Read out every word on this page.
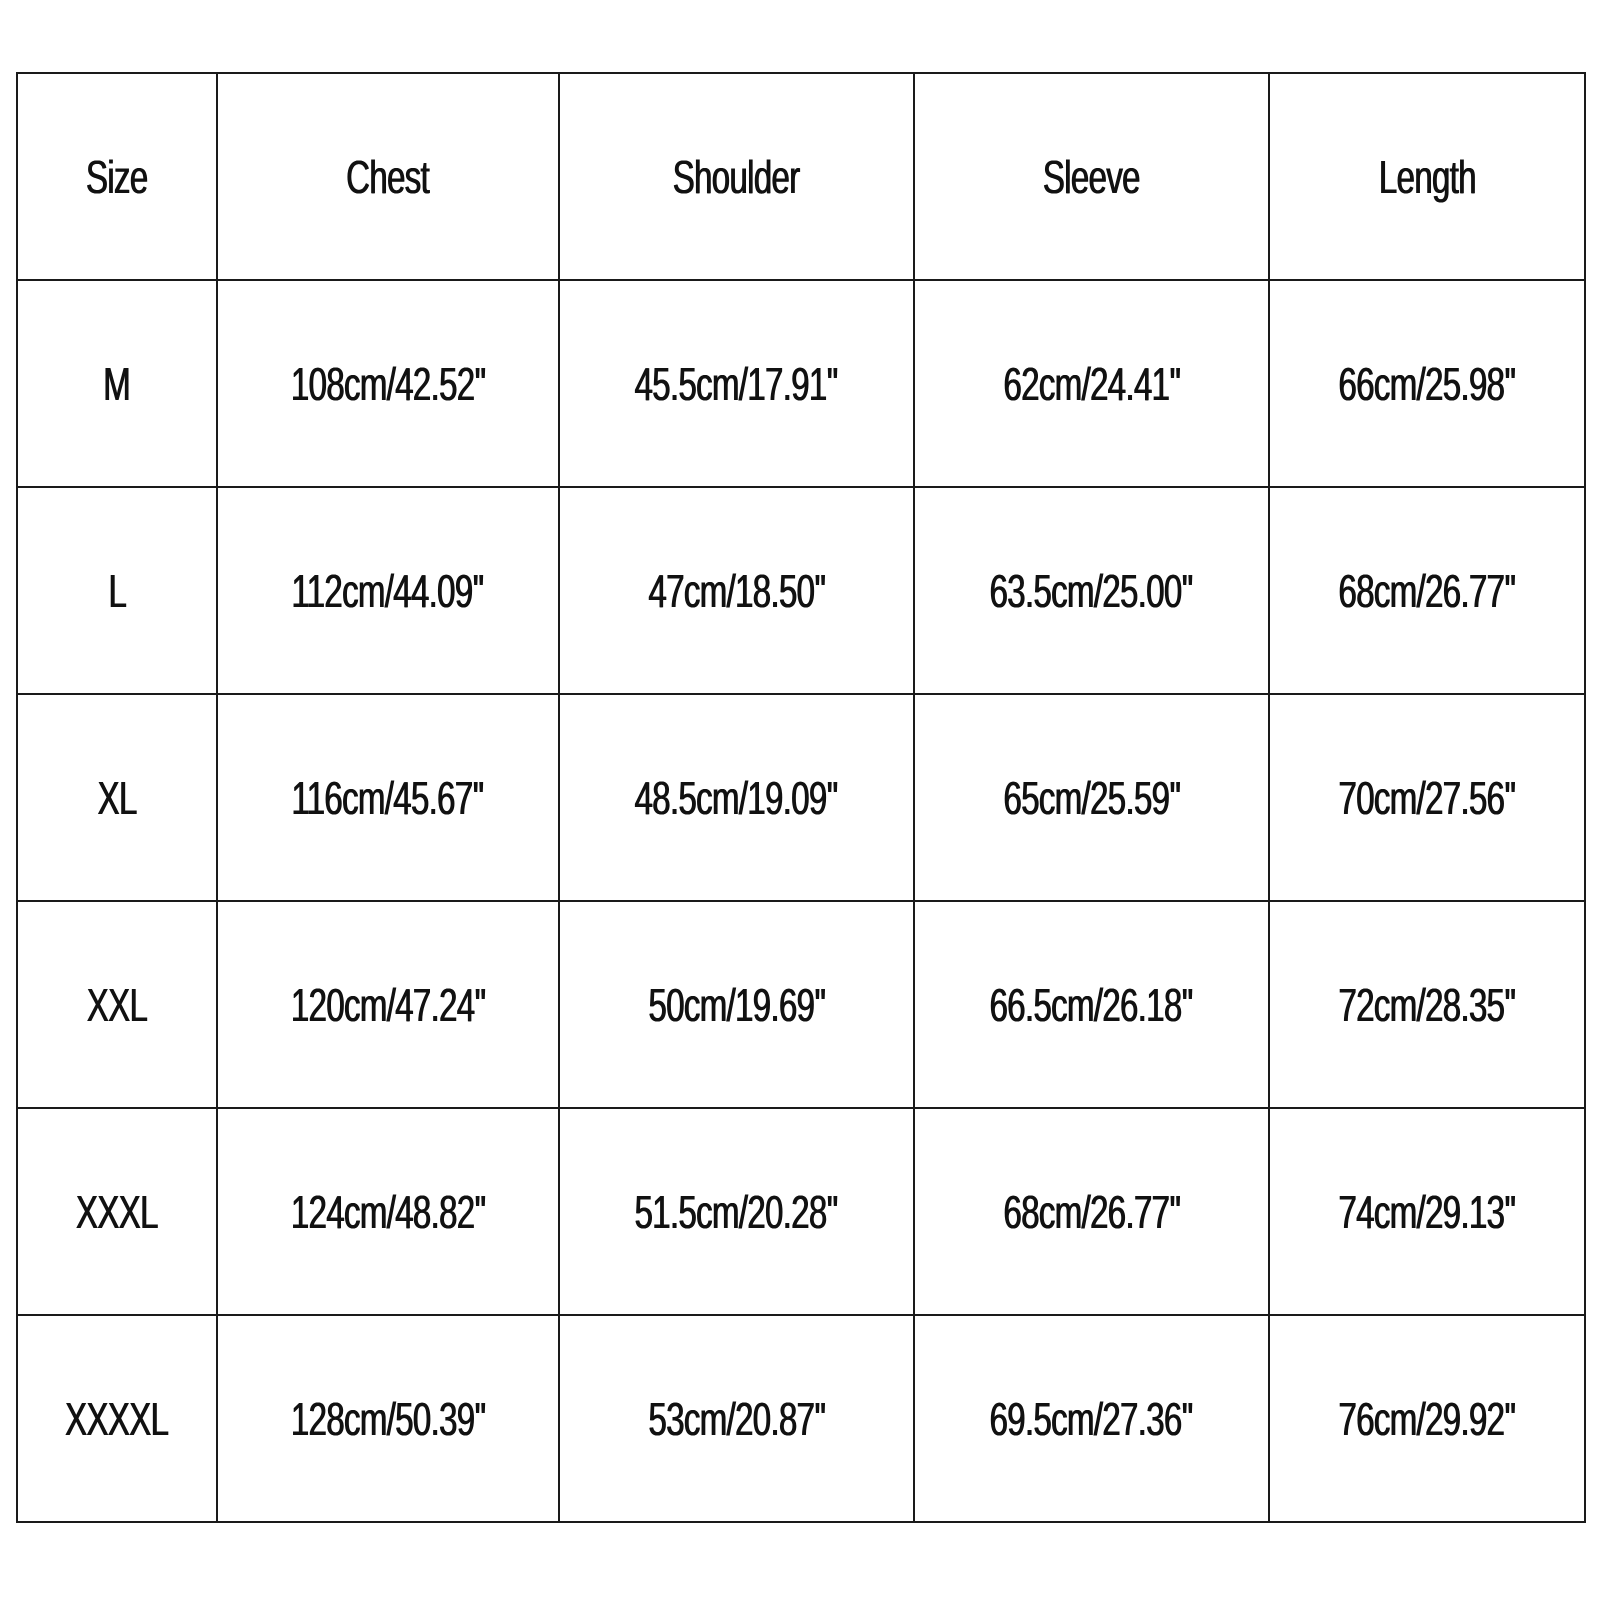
Size	Chest	Shoulder	Sleeve	Length
M	108cm/42.52''	45.5cm/17.91''	62cm/24.41''	66cm/25.98''
L	112cm/44.09''	47cm/18.50''	63.5cm/25.00''	68cm/26.77''
XL	116cm/45.67''	48.5cm/19.09''	65cm/25.59''	70cm/27.56''
XXL	120cm/47.24''	50cm/19.69''	66.5cm/26.18''	72cm/28.35''
XXXL	124cm/48.82''	51.5cm/20.28''	68cm/26.77''	74cm/29.13''
XXXXL	128cm/50.39''	53cm/20.87''	69.5cm/27.36''	76cm/29.92''
